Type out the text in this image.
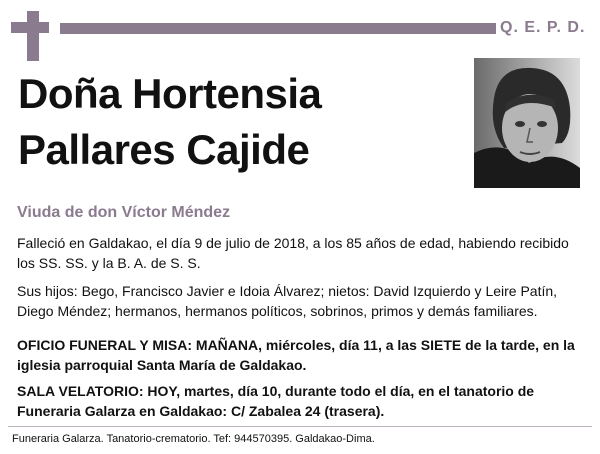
Q. E. P. D.
Doña Hortensia
Pallares Cajide
Viuda de don Víctor Méndez

Falleció en Galdakao, el día 9 de julio de 2018, a los 85 años de edad, habiendo recibido los SS. SS. y la B. A. de S. S.

Sus hijos: Bego, Francisco Javier e Idoia Álvarez; nietos: David Izquierdo y Leire Patín, Diego Méndez; hermanos, hermanos políticos, sobrinos, primos y demás familiares.

OFICIO FUNERAL Y MISA: MAÑANA, miércoles, día 11, a las SIETE de la tarde, en la iglesia parroquial Santa María de Galdakao.

SALA VELATORIO: HOY, martes, día 10, durante todo el día, en el tanatorio de Funeraria Galarza en Galdakao: C/ Zabalea 24 (trasera).

Funeraria Galarza. Tanatorio-crematorio. Tef: 944570395. Galdakao-Dima.
